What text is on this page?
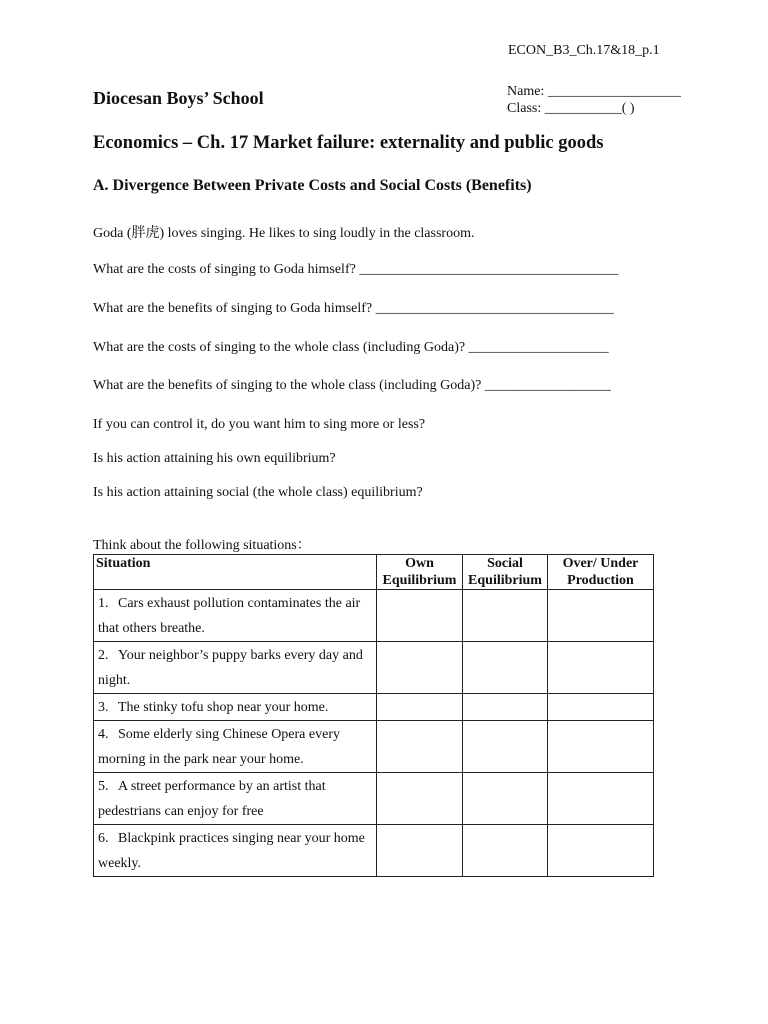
ECON_B3_Ch.17&18_p.1
Diocesan Boys’ School	Name: ___________________
Class: ___________( )
Economics – Ch. 17 Market failure: externality and public goods
A. Divergence Between Private Costs and Social Costs (Benefits)
Goda (胖虎) loves singing. He likes to sing loudly in the classroom.
What are the costs of singing to Goda himself? _____________________________________
What are the benefits of singing to Goda himself? __________________________________
What are the costs of singing to the whole class (including Goda)? ____________________
What are the benefits of singing to the whole class (including Goda)? __________________
If you can control it, do you want him to sing more or less?
Is his action attaining his own equilibrium?
Is his action attaining social (the whole class) equilibrium?
Think about the following situations：
Situation	Own Equilibrium	Social Equilibrium	Over/ Under Production
1. Cars exhaust pollution contaminates the air that others breathe.			
2. Your neighbor’s puppy barks every day and night.			
3. The stinky tofu shop near your home.			
4. Some elderly sing Chinese Opera every morning in the park near your home.			
5. A street performance by an artist that pedestrians can enjoy for free			
6. Blackpink practices singing near your home weekly.			
